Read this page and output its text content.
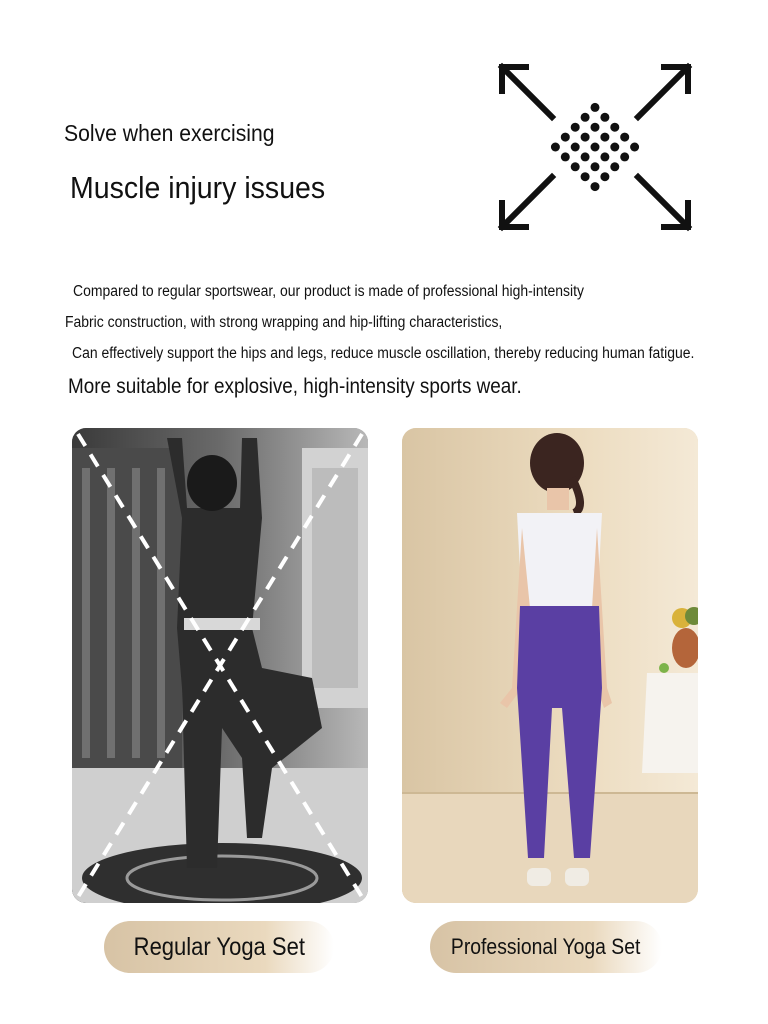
Solve when exercising
Muscle injury issues
Compared to regular sportswear, our product is made of professional high-intensity
Fabric construction, with strong wrapping and hip-lifting characteristics,
Can effectively support the hips and legs, reduce muscle oscillation, thereby reducing human fatigue.
More suitable for explosive, high-intensity sports wear.
Regular Yoga Set	Professional Yoga Set
